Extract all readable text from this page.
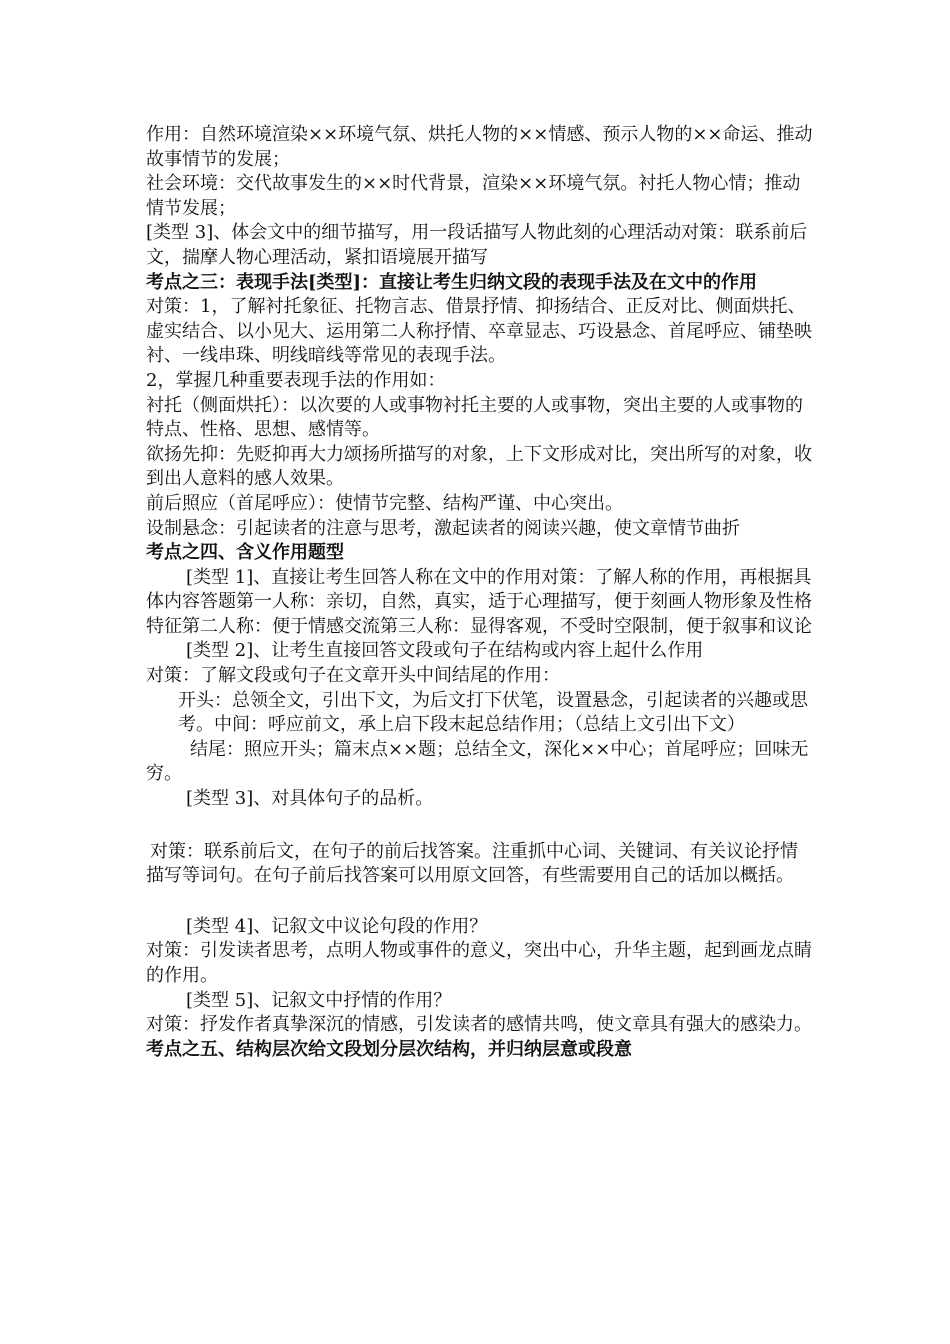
作用：自然环境渲染××环境气氛、烘托人物的××情感、预示人物的××命运、推动故事情节的发展；

社会环境：交代故事发生的××时代背景，渲染××环境气氛。衬托人物心情；推动情节发展；

[类型 3]、体会文中的细节描写，用一段话描写人物此刻的心理活动对策：联系前后文，揣摩人物心理活动，紧扣语境展开描写

考点之三：表现手法[类型]：直接让考生归纳文段的表现手法及在文中的作用

对策：1，了解衬托象征、托物言志、借景抒情、抑扬结合、正反对比、侧面烘托、虚实结合、以小见大、运用第二人称抒情、卒章显志、巧设悬念、首尾呼应、铺垫映衬、一线串珠、明线暗线等常见的表现手法。

2，掌握几种重要表现手法的作用如：

衬托（侧面烘托）：以次要的人或事物衬托主要的人或事物，突出主要的人或事物的特点、性格、思想、感情等。

欲扬先抑：先贬抑再大力颂扬所描写的对象，上下文形成对比，突出所写的对象，收到出人意料的感人效果。

前后照应（首尾呼应）：使情节完整、结构严谨、中心突出。

设制悬念：引起读者的注意与思考，激起读者的阅读兴趣，使文章情节曲折

考点之四、含义作用题型

[类型 1]、直接让考生回答人称在文中的作用对策：了解人称的作用，再根据具体内容答题第一人称：亲切，自然，真实，适于心理描写，便于刻画人物形象及性格特征第二人称：便于情感交流第三人称：显得客观，不受时空限制，便于叙事和议论

[类型 2]、让考生直接回答文段或句子在结构或内容上起什么作用

对策：了解文段或句子在文章开头中间结尾的作用：

开头：总领全文，引出下文，为后文打下伏笔，设置悬念，引起读者的兴趣或思考。中间：呼应前文，承上启下段末起总结作用；（总结上文引出下文）

结尾：照应开头；篇末点××题；总结全文，深化××中心；首尾呼应；回味无穷。

[类型 3]、对具体句子的品析。

对策：联系前后文，在句子的前后找答案。注重抓中心词、关键词、有关议论抒情描写等词句。在句子前后找答案可以用原文回答，有些需要用自己的话加以概括。

[类型 4]、记叙文中议论句段的作用？

对策：引发读者思考，点明人物或事件的意义，突出中心，升华主题，起到画龙点睛的作用。

[类型 5]、记叙文中抒情的作用？

对策：抒发作者真挚深沉的情感，引发读者的感情共鸣，使文章具有强大的感染力。

考点之五、结构层次给文段划分层次结构，并归纳层意或段意
